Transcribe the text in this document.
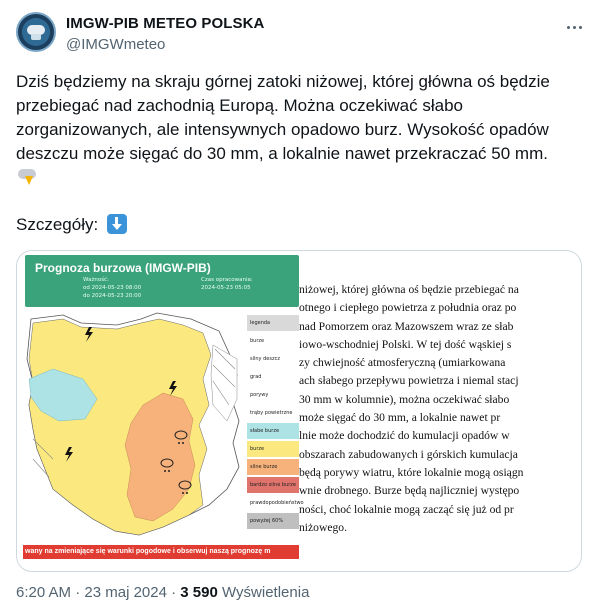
IMGW-PIB METEO POLSKA
@IMGWmeteo

Dziś będziemy na skraju górnej zatoki niżowej, której główna oś będzie przebiegać nad zachodnią Europą. Można oczekiwać słabo zorganizowanych, ale intensywnych opadowo burz. Wysokość opadów deszczu może sięgać do 30 mm, a lokalnie nawet przekraczać 50 mm.

Szczegóły:
Prognoza burzowa (IMGW-PIB)
Ważność:
od 2024-05-23 08:00
do 2024-05-23 20:00
Czas opracowania:
2024-05-23 05:05
legenda
burze
silny deszcz
grad
porywy
trąby powietrzne
słabe burze
burze
silne burze
bardzo silne burze
prawdopodobieństwo
powyżej 60%
wany na zmieniające się warunki pogodowe i obserwuj naszą prognozę m
niżowej, której główna oś będzie przebiegać na
otnego i ciepłego powietrza z południa oraz po
nad Pomorzem oraz Mazowszem wraz ze słab
iowo-wschodniej Polski. W tej dość wąskiej s
zy chwiejność atmosferyczną (umiarkowana
ach słabego przepływu powietrza i niemal stacj
30 mm w kolumnie), można oczekiwać słabo
może sięgać do 30 mm, a lokalnie nawet pr
lnie może dochodzić do kumulacji opadów w
obszarach zabudowanych i górskich kumulacja
będą porywy wiatru, które lokalnie mogą osiągn
wnie drobnego. Burze będą najliczniej występo
ności, choć lokalnie mogą zacząć się już od pr
niżowego.
6:20 AM · 23 maj 2024 · 3 590 Wyświetlenia
